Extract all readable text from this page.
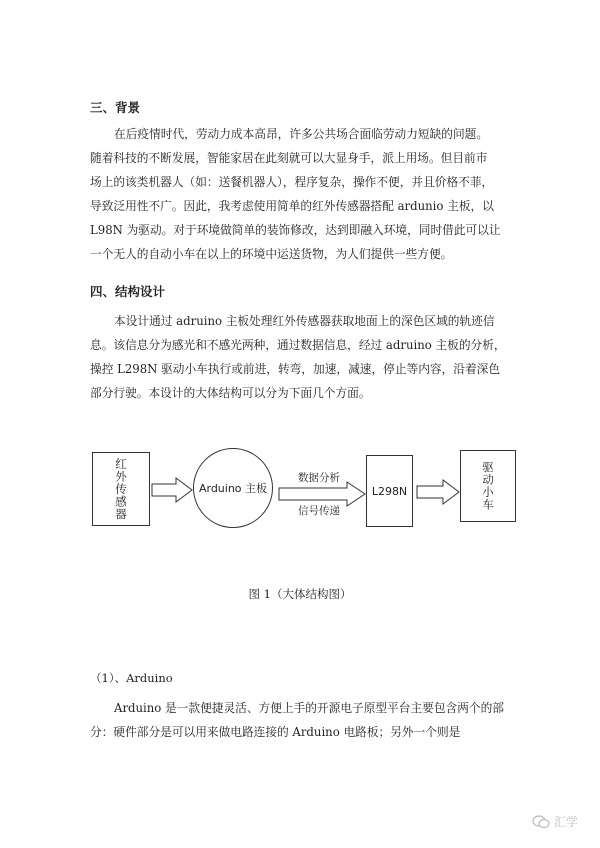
三、背景
在后疫情时代，劳动力成本高昂，许多公共场合面临劳动力短缺的问题。
随着科技的不断发展，智能家居在此刻就可以大显身手，派上用场。但目前市
场上的该类机器人（如：送餐机器人），程序复杂，操作不便，并且价格不菲，
导致泛用性不广。因此，我考虑使用简单的红外传感器搭配 ardunio 主板，以
L98N 为驱动。对于环境做简单的装饰修改，达到即融入环境，同时借此可以让
一个无人的自动小车在以上的环境中运送货物，为人们提供一些方便。
四、结构设计
本设计通过 adruino 主板处理红外传感器获取地面上的深色区域的轨迹信
息。该信息分为感光和不感光两种，通过数据信息，经过 adruino 主板的分析，
操控 L298N 驱动小车执行或前进，转弯，加速，减速，停止等内容，沿着深色
部分行驶。本设计的大体结构可以分为下面几个方面。
红外传感器	Arduino 主板
数据分析
信号传递
L298N	驱动小车
图 1（大体结构图）
（1）、Arduino
Arduino 是一款便捷灵活、方便上手的开源电子原型平台主要包含两个的部
分：硬件部分是可以用来做电路连接的 Arduino 电路板；另外一个则是
汇学
